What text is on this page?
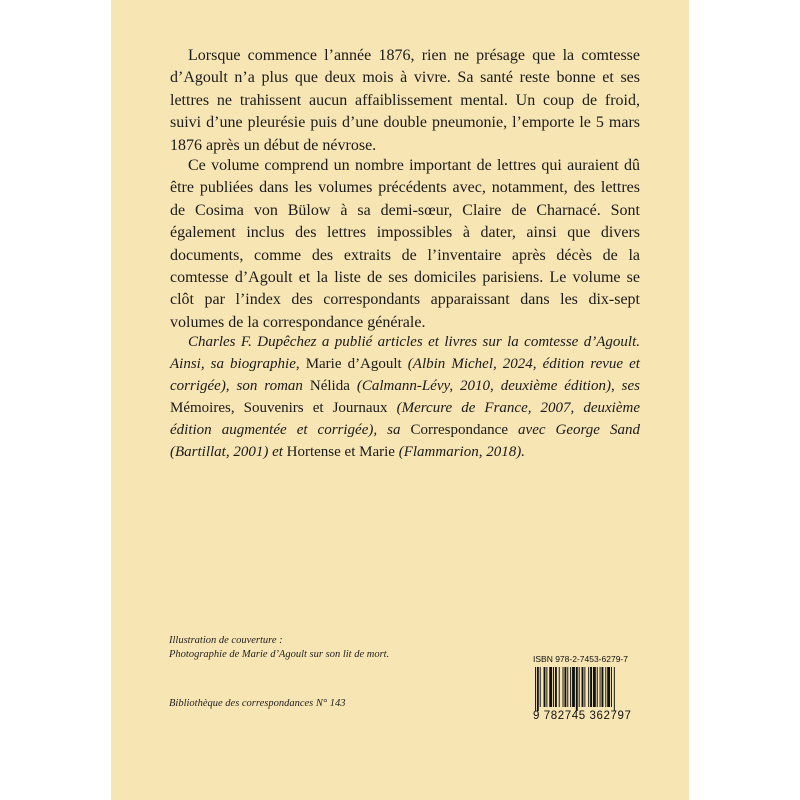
Lorsque commence l’année 1876, rien ne présage que la comtesse d’Agoult n’a plus que deux mois à vivre. Sa santé reste bonne et ses lettres ne trahissent aucun affaiblissement mental. Un coup de froid, suivi d’une pleurésie puis d’une double pneumonie, l’emporte le 5 mars 1876 après un début de névrose.

Ce volume comprend un nombre important de lettres qui auraient dû être publiées dans les volumes précédents avec, notamment, des lettres de Cosima von Bülow à sa demi-sœur, Claire de Charnacé. Sont également inclus des lettres impossibles à dater, ainsi que divers documents, comme des extraits de l’inventaire après décès de la comtesse d’Agoult et la liste de ses domiciles parisiens. Le volume se clôt par l’index des correspondants apparaissant dans les dix-sept volumes de la correspondance générale.

Charles F. Dupêchez a publié articles et livres sur la comtesse d’Agoult. Ainsi, sa biographie, Marie d’Agoult (Albin Michel, 2024, édition revue et corrigée), son roman Nélida (Calmann-Lévy, 2010, deuxième édition), ses Mémoires, Souvenirs et Journaux (Mercure de France, 2007, deuxième édition augmentée et corrigée), sa Correspondance avec George Sand (Bartillat, 2001) et Hortense et Marie (Flammarion, 2018).

Illustration de couverture :
Photographie de Marie d’Agoult sur son lit de mort.

Bibliothèque des correspondances N° 143

ISBN 978-2-7453-6279-7
9 782745 362797
